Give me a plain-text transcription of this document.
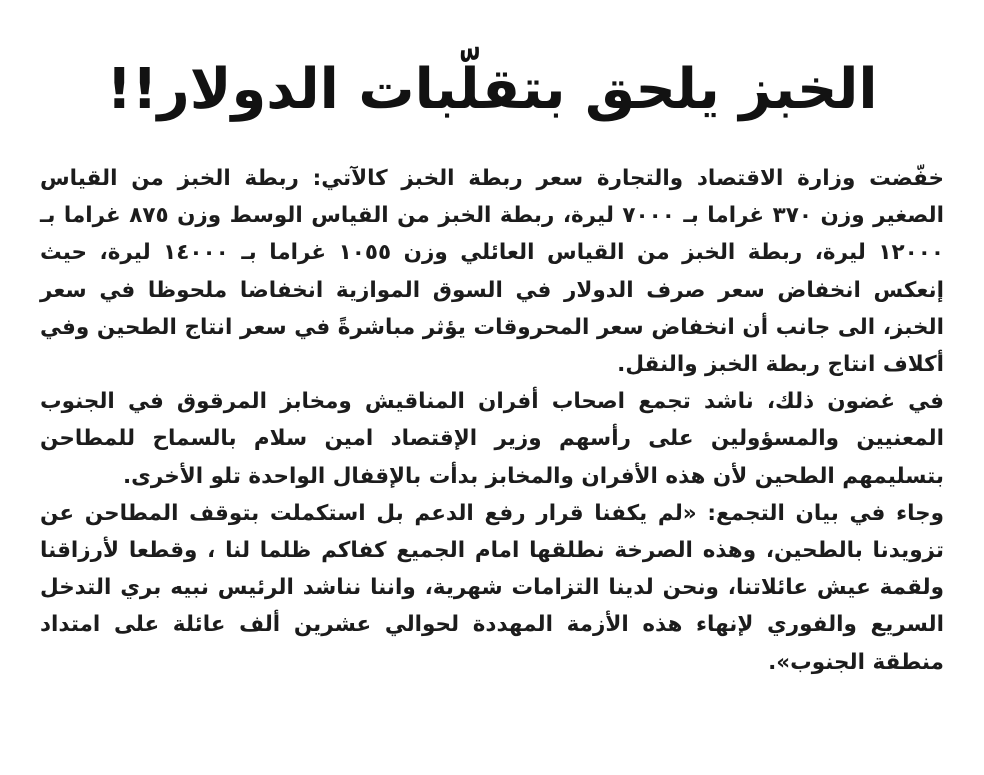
الخبز يلحق بتقلّبات الدولار!!

خفّضت وزارة الاقتصاد والتجارة سعر ربطة الخبز كالآتي: ربطة الخبز من القياس الصغير وزن ٣٧٠ غراما بـ ٧٠٠٠ ليرة، ربطة الخبز من القياس الوسط وزن ٨٧٥ غراما بـ ١٢٠٠٠ ليرة، ربطة الخبز من القياس العائلي وزن ١٠٥٥ غراما بـ ١٤٠٠٠ ليرة، حيث إنعكس انخفاض سعر صرف الدولار في السوق الموازية انخفاضا ملحوظا في سعر الخبز، الى جانب أن انخفاض سعر المحروقات يؤثر مباشرةً في سعر انتاج الطحين وفي أكلاف انتاج ربطة الخبز والنقل.

في غضون ذلك، ناشد تجمع اصحاب أفران المناقيش ومخابز المرقوق في الجنوب المعنيين والمسؤولين على رأسهم وزير الإقتصاد امين سلام بالسماح للمطاحن بتسليمهم الطحين لأن هذه الأفران والمخابز بدأت بالإقفال الواحدة تلو الأخرى.

وجاء في بيان التجمع: «لم يكفنا قرار رفع الدعم بل استكملت بتوقف المطاحن عن تزويدنا بالطحين، وهذه الصرخة نطلقها امام الجميع كفاكم ظلما لنا ، وقطعا لأرزاقنا ولقمة عيش عائلاتنا، ونحن لدينا التزامات شهرية، واننا نناشد الرئيس نبيه بري التدخل السريع والفوري لإنهاء هذه الأزمة المهددة لحوالي عشرين ألف عائلة على امتداد منطقة الجنوب».
